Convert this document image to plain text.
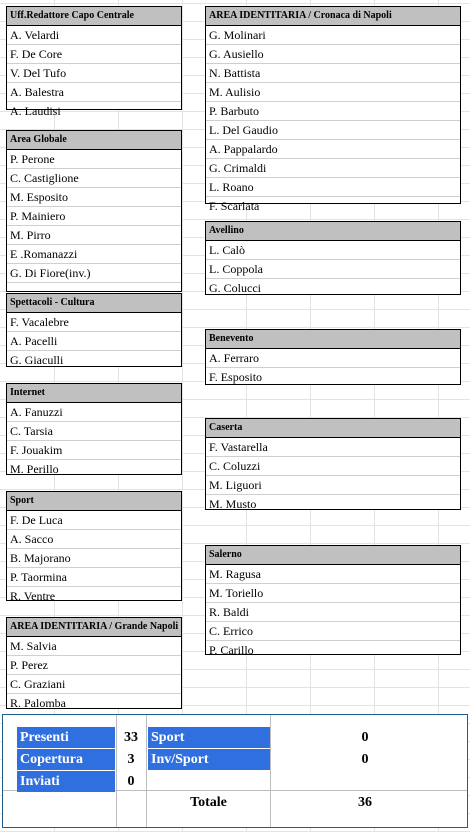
Uff.Redattore Capo Centrale
A. Velardi
F. De Core
V. Del Tufo
A. Balestra
A. Laudisi
Area Globale
P. Perone
C. Castiglione
M. Esposito
P. Mainiero
M. Pirro
E .Romanazzi
G. Di Fiore(inv.)
Spettacoli - Cultura
F. Vacalebre
A. Pacelli
G. Giaculli
Internet
A. Fanuzzi
C. Tarsia
F. Jouakim
M. Perillo
Sport
F. De Luca
A. Sacco
B. Majorano
P. Taormina
R. Ventre
AREA IDENTITARIA / Grande Napoli
M. Salvia
P. Perez
C. Graziani
R. Palomba
AREA IDENTITARIA / Cronaca di Napoli
G. Molinari
G. Ausiello
N. Battista
M. Aulisio
P. Barbuto
L. Del Gaudio
A. Pappalardo
G. Crimaldi
L. Roano
F. Scarlata
Avellino
L. Calò
L. Coppola
G. Colucci
Benevento
A. Ferraro
F. Esposito
Caserta
F. Vastarella
C. Coluzzi
M. Liguori
M. Musto
Salerno
M. Ragusa
M. Toriello
R. Baldi
C. Errico
P. Carillo
Presenti	33
Copertura	3
Inviati	0
Sport	0
Inv/Sport	0
Totale	36
